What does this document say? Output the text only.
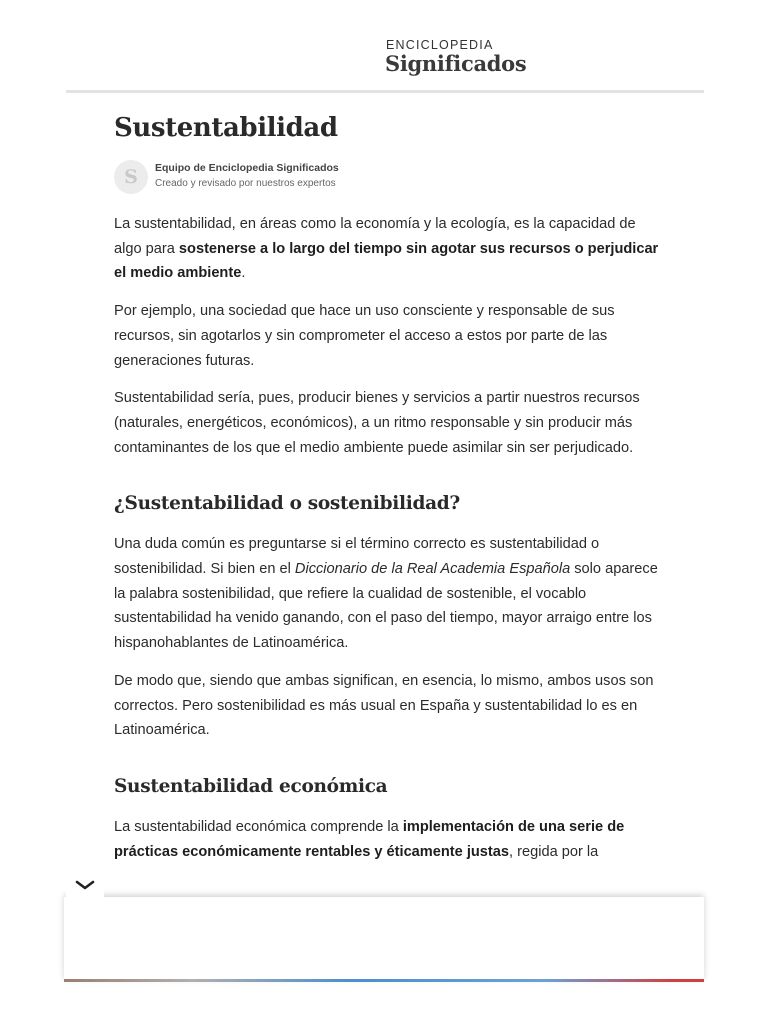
ENCICLOPEDIA
Significados
Sustentabilidad
S	Equipo de Enciclopedia Significados
Creado y revisado por nuestros expertos

La sustentabilidad, en áreas como la economía y la ecología, es la capacidad de algo para sostenerse a lo largo del tiempo sin agotar sus recursos o perjudicar el medio ambiente.

Por ejemplo, una sociedad que hace un uso consciente y responsable de sus recursos, sin agotarlos y sin comprometer el acceso a estos por parte de las generaciones futuras.

Sustentabilidad sería, pues, producir bienes y servicios a partir nuestros recursos (naturales, energéticos, económicos), a un ritmo responsable y sin producir más contaminantes de los que el medio ambiente puede asimilar sin ser perjudicado.

¿Sustentabilidad o sostenibilidad?

Una duda común es preguntarse si el término correcto es sustentabilidad o sostenibilidad. Si bien en el Diccionario de la Real Academia Española solo aparece la palabra sostenibilidad, que refiere la cualidad de sostenible, el vocablo sustentabilidad ha venido ganando, con el paso del tiempo, mayor arraigo entre los hispanohablantes de Latinoamérica.

De modo que, siendo que ambas significan, en esencia, lo mismo, ambos usos son correctos. Pero sostenibilidad es más usual en España y sustentabilidad lo es en Latinoamérica.

Sustentabilidad económica

La sustentabilidad económica comprende la implementación de una serie de prácticas económicamente rentables y éticamente justas, regida por la
